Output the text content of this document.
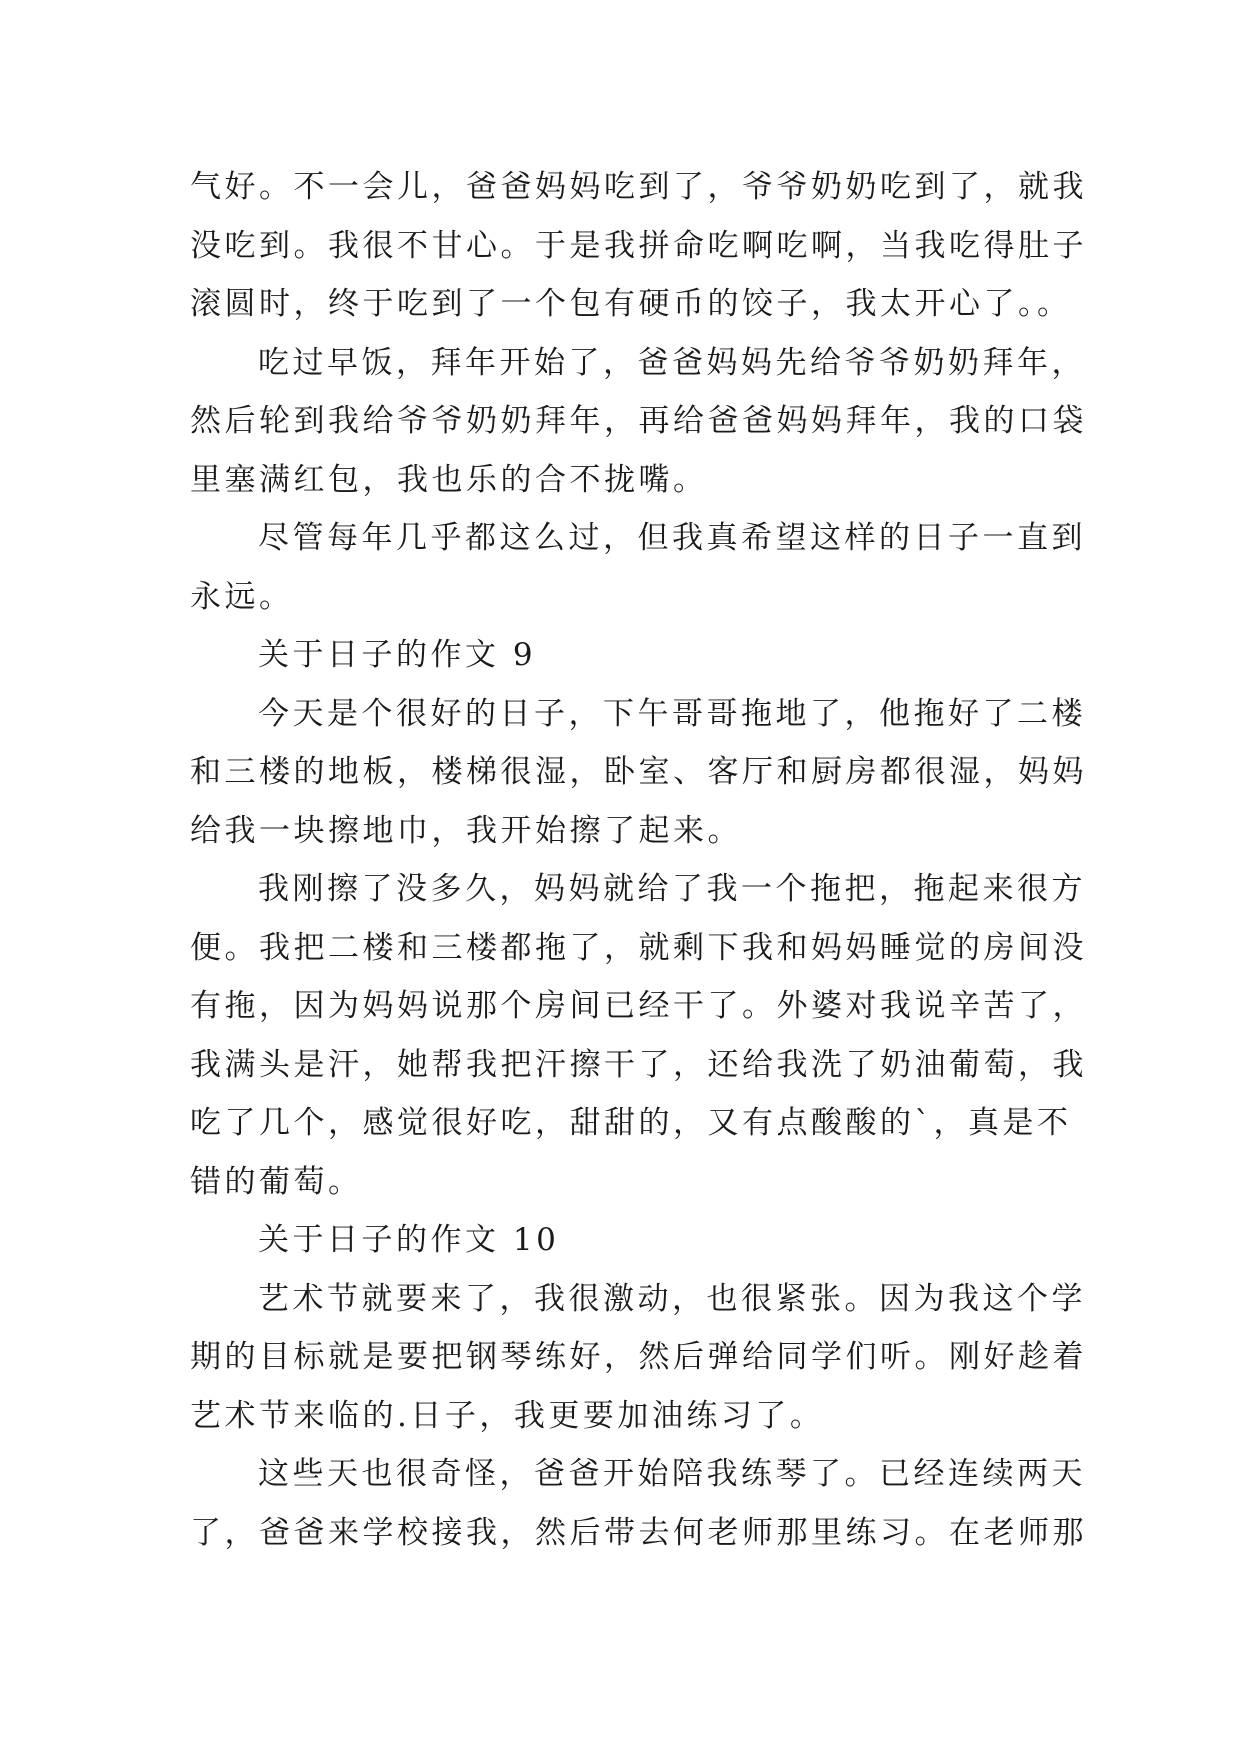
气好。不一会儿，爸爸妈妈吃到了，爷爷奶奶吃到了，就我
没吃到。我很不甘心。于是我拼命吃啊吃啊，当我吃得肚子
滚圆时，终于吃到了一个包有硬币的饺子，我太开心了。。
吃过早饭，拜年开始了，爸爸妈妈先给爷爷奶奶拜年，
然后轮到我给爷爷奶奶拜年，再给爸爸妈妈拜年，我的口袋
里塞满红包，我也乐的合不拢嘴。
尽管每年几乎都这么过，但我真希望这样的日子一直到
永远。
关于日子的作文 9
今天是个很好的日子，下午哥哥拖地了，他拖好了二楼
和三楼的地板，楼梯很湿，卧室、客厅和厨房都很湿，妈妈
给我一块擦地巾，我开始擦了起来。
我刚擦了没多久，妈妈就给了我一个拖把，拖起来很方
便。我把二楼和三楼都拖了，就剩下我和妈妈睡觉的房间没
有拖，因为妈妈说那个房间已经干了。外婆对我说辛苦了，
我满头是汗，她帮我把汗擦干了，还给我洗了奶油葡萄，我
吃了几个，感觉很好吃，甜甜的，又有点酸酸的`，真是不
错的葡萄。
关于日子的作文 10
艺术节就要来了，我很激动，也很紧张。因为我这个学
期的目标就是要把钢琴练好，然后弹给同学们听。刚好趁着
艺术节来临的.日子，我更要加油练习了。
这些天也很奇怪，爸爸开始陪我练琴了。已经连续两天
了，爸爸来学校接我，然后带去何老师那里练习。在老师那
